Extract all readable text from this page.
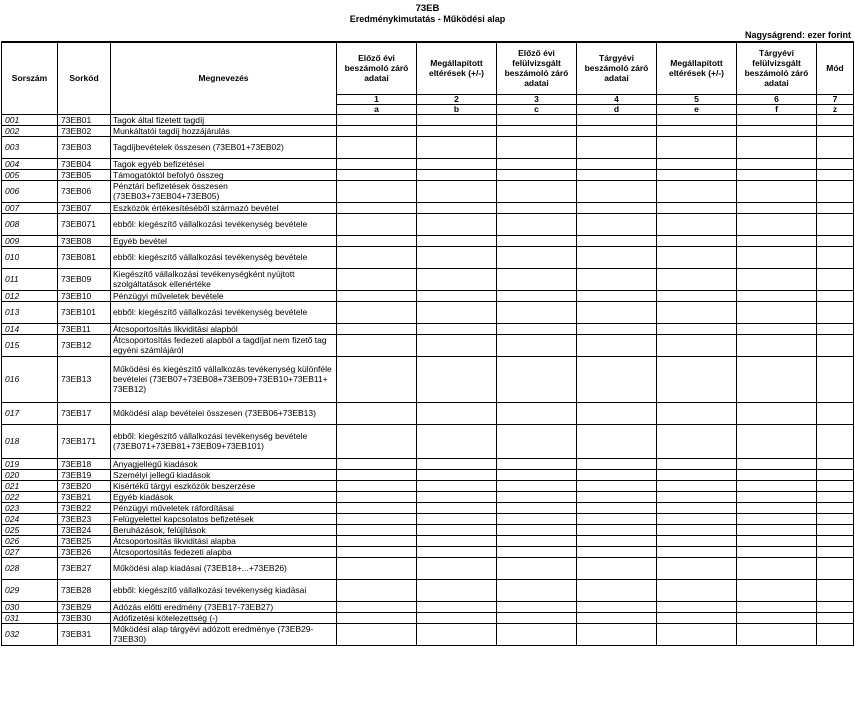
73EB
Eredménykimutatás - Működési alap
Nagyságrend: ezer forint
Sorszám	Sorkód	Megnevezés	Előző évi beszámoló záró adatai	Megállapított eltérések (+/-)	Előző évi felülvizsgált beszámoló záró adatai	Tárgyévi beszámoló záró adatai	Megállapított eltérések (+/-)	Tárgyévi felülvizsgált beszámoló záró adatai	Mód
			1	2	3	4	5	6	7
			a	b	c	d	e	f	z
001	73EB01	Tagok által fizetett tagdíj							
002	73EB02	Munkáltatói tagdíj hozzájárulás							
003	73EB03	Tagdíjbevételek összesen (73EB01+73EB02)							
004	73EB04	Tagok egyéb befizetései							
005	73EB05	Támogatóktól befolyó összeg							
006	73EB06	Pénztári befizetések összesen (73EB03+73EB04+73EB05)							
007	73EB07	Eszközök értékesítéséből származó bevétel							
008	73EB071	ebből: kiegészítő vállalkozási tevékenység bevétele							
009	73EB08	Egyéb bevétel							
010	73EB081	ebből: kiegészítő vállalkozási tevékenység bevétele							
011	73EB09	Kiegészítő vállalkozási tevékenységként nyújtott szolgáltatások ellenértéke							
012	73EB10	Pénzügyi műveletek bevétele							
013	73EB101	ebből: kiegészítő vállalkozási tevékenység bevétele							
014	73EB11	Átcsoportosítás likviditási alapból							
015	73EB12	Átcsoportosítás fedezeti alapból a tagdíjat nem fizető tag egyéni számlájáról							
016	73EB13	Működési és kiegészítő vállalkozás tevékenység különféle bevételei (73EB07+73EB08+73EB09+73EB10+73EB11+ 73EB12)							
017	73EB17	Működési alap bevételei összesen (73EB06+73EB13)							
018	73EB171	ebből: kiegészítő vállalkozási tevékenység bevétele (73EB071+73EB81+73EB09+73EB101)							
019	73EB18	Anyagjellegű kiadások							
020	73EB19	Személyi jellegű kiadások							
021	73EB20	Kisértékű tárgyi eszközök beszerzése							
022	73EB21	Egyéb kiadások							
023	73EB22	Pénzügyi műveletek ráfordításai							
024	73EB23	Felügyelettel kapcsolatos befizetések							
025	73EB24	Beruházások, felújítások							
026	73EB25	Átcsoportosítás likviditási alapba							
027	73EB26	Átcsoportosítás fedezeti alapba							
028	73EB27	Működési alap kiadásai (73EB18+...+73EB26)							
029	73EB28	ebből: kiegészítő vállalkozási tevékenység kiadásai							
030	73EB29	Adózás előtti eredmény (73EB17-73EB27)							
031	73EB30	Adófizetési kötelezettség (-)							
032	73EB31	Működési alap tárgyévi adózott eredménye (73EB29-73EB30)							
